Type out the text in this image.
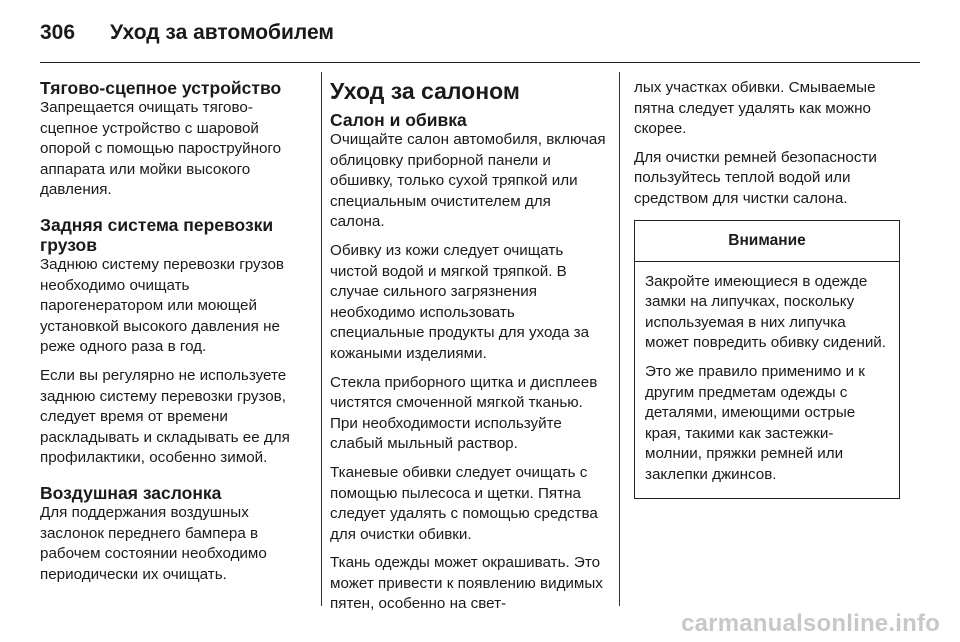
306	Уход за автомобилем
Тягово-сцепное устройство

Запрещается очищать тягово-сцепное устройство с шаровой опорой с помощью пароструйного аппарата или мойки высокого давления.

Задняя система перевозки грузов

Заднюю систему перевозки грузов необходимо очищать парогенератором или моющей установкой высокого давления не реже одного раза в год.

Если вы регулярно не используете заднюю систему перевозки грузов, следует время от времени раскладывать и складывать ее для профилактики, особенно зимой.

Воздушная заслонка

Для поддержания воздушных заслонок переднего бампера в рабочем состоянии необходимо периодически их очищать.

Уход за салоном
Салон и обивка

Очищайте салон автомобиля, включая облицовку приборной панели и обшивку, только сухой тряпкой или специальным очистителем для салона.

Обивку из кожи следует очищать чистой водой и мягкой тряпкой. В случае сильного загрязнения необходимо использовать специальные продукты для ухода за кожаными изделиями.

Стекла приборного щитка и дисплеев чистятся смоченной мягкой тканью. При необходимости используйте слабый мыльный раствор.

Тканевые обивки следует очищать с помощью пылесоса и щетки. Пятна следует удалять с помощью средства для очистки обивки.

Ткань одежды может окрашивать. Это может привести к появлению видимых пятен, особенно на свет-

лых участках обивки. Смываемые пятна следует удалять как можно скорее.

Для очистки ремней безопасности пользуйтесь теплой водой или средством для чистки салона.

Внимание

Закройте имеющиеся в одежде замки на липучках, поскольку используемая в них липучка может повредить обивку сидений.

Это же правило применимо и к другим предметам одежды с деталями, имеющими острые края, такими как застежки-молнии, пряжки ремней или заклепки джинсов.

carmanualsonline.info
